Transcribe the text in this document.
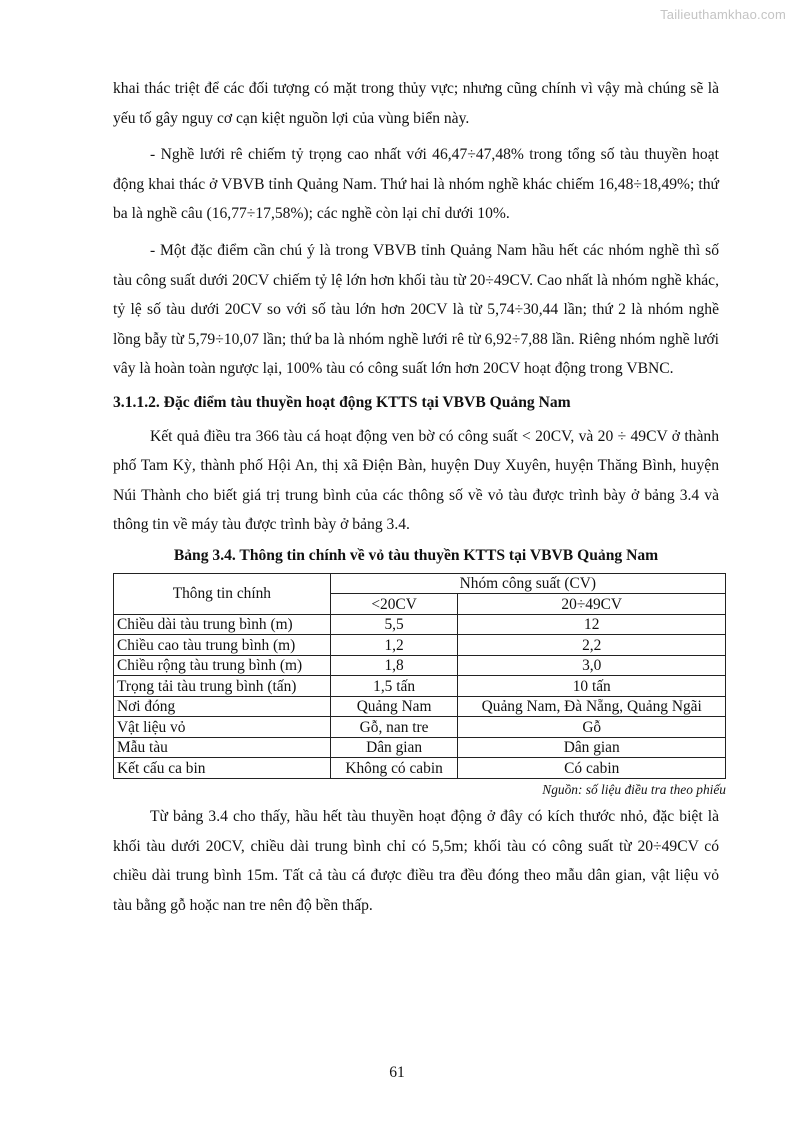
Tailieuthamkhao.com

khai thác triệt để các đối tượng có mặt trong thủy vực; nhưng cũng chính vì vậy mà chúng sẽ là yếu tố gây nguy cơ cạn kiệt nguồn lợi của vùng biển này.

- Nghề lưới rê chiếm tỷ trọng cao nhất với 46,47÷47,48% trong tổng số tàu thuyền hoạt động khai thác ở VBVB tỉnh Quảng Nam. Thứ hai là nhóm nghề khác chiếm 16,48÷18,49%; thứ ba là nghề câu (16,77÷17,58%); các nghề còn lại chỉ dưới 10%.

- Một đặc điểm cần chú ý là trong VBVB tỉnh Quảng Nam hầu hết các nhóm nghề thì số tàu công suất dưới 20CV chiếm tỷ lệ lớn hơn khối tàu từ 20÷49CV. Cao nhất là nhóm nghề khác, tỷ lệ số tàu dưới 20CV so với số tàu lớn hơn 20CV là từ 5,74÷30,44 lần; thứ 2 là nhóm nghề lồng bẫy từ 5,79÷10,07 lần; thứ ba là nhóm nghề lưới rê từ 6,92÷7,88 lần. Riêng nhóm nghề lưới vây là hoàn toàn ngược lại, 100% tàu có công suất lớn hơn 20CV hoạt động trong VBNC.

3.1.1.2. Đặc điểm tàu thuyền hoạt động KTTS tại VBVB Quảng Nam

Kết quả điều tra 366 tàu cá hoạt động ven bờ có công suất < 20CV, và 20 ÷ 49CV ở thành phố Tam Kỳ, thành phố Hội An, thị xã Điện Bàn, huyện Duy Xuyên, huyện Thăng Bình, huyện Núi Thành cho biết giá trị trung bình của các thông số về vỏ tàu được trình bày ở bảng 3.4 và thông tin về máy tàu được trình bày ở bảng 3.4.

Bảng 3.4. Thông tin chính về vỏ tàu thuyền KTTS tại VBVB Quảng Nam

Thông tin chính	Nhóm công suất (CV)	
	<20CV	20÷49CV
Chiều dài tàu trung bình (m)	5,5	12
Chiều cao tàu trung bình (m)	1,2	2,2
Chiều rộng tàu trung bình (m)	1,8	3,0
Trọng tải tàu trung bình (tấn)	1,5 tấn	10 tấn
Nơi đóng	Quảng Nam	Quảng Nam, Đà Nẵng, Quảng Ngãi
Vật liệu vỏ	Gỗ, nan tre	Gỗ
Mẫu tàu	Dân gian	Dân gian
Kết cấu ca bin	Không có cabin	Có cabin

Nguồn: số liệu điều tra theo phiếu

Từ bảng 3.4 cho thấy, hầu hết tàu thuyền hoạt động ở đây có kích thước nhỏ, đặc biệt là khối tàu dưới 20CV, chiều dài trung bình chỉ có 5,5m; khối tàu có công suất từ 20÷49CV có chiều dài trung bình 15m. Tất cả tàu cá được điều tra đều đóng theo mẫu dân gian, vật liệu vỏ tàu bằng gỗ hoặc nan tre nên độ bền thấp.

61
